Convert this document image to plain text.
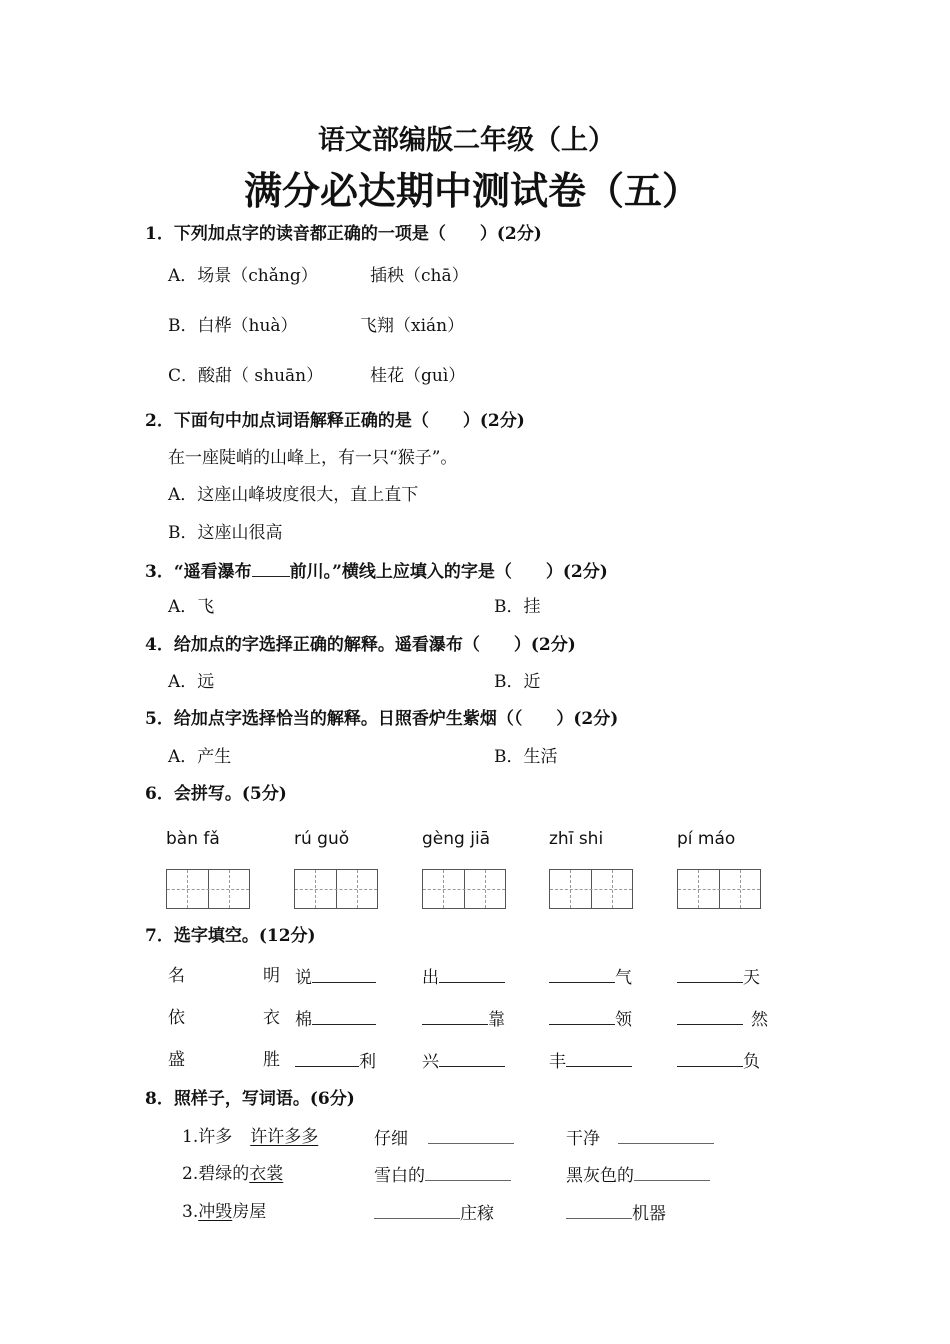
语文部编版二年级（上）
满分必达期中测试卷（五）
1．下列加点字的读音都正确的一项是（　　）(2分)
A．场景（chǎng）	插秧（chā）
B．白桦（huà）	飞翔（xián）
C．酸甜（ shuān）	桂花（guì）
2．下面句中加点词语解释正确的是（　　）(2分)
在一座陡峭的山峰上，有一只“猴子”。
A．这座山峰坡度很大，直上直下
B．这座山很高
3．“遥看瀑布 前川。”横线上应填入的字是（　　）(2分)
A．飞	B．挂
4．给加点的字选择正确的解释。遥看瀑布（　　）(2分)
A．远	B．近
5．给加点字选择恰当的解释。日照香炉生紫烟（（　　）(2分)
A．产生	B．生活
6．会拼写。(5分)
bàn fǎ	rú guǒ	gèng jiā	zhī shi	pí máo
7．选字填空。(12分)
名	明 说	出	气	天
依	衣 棉	靠	领	然
盛	胜	利	兴	丰	负
8．照样子，写词语。(6分)
1.许多 许许多多	仔细	干净
2.碧绿的衣裳	雪白的	黑灰色的
3.冲毁房屋	庄稼	机器
